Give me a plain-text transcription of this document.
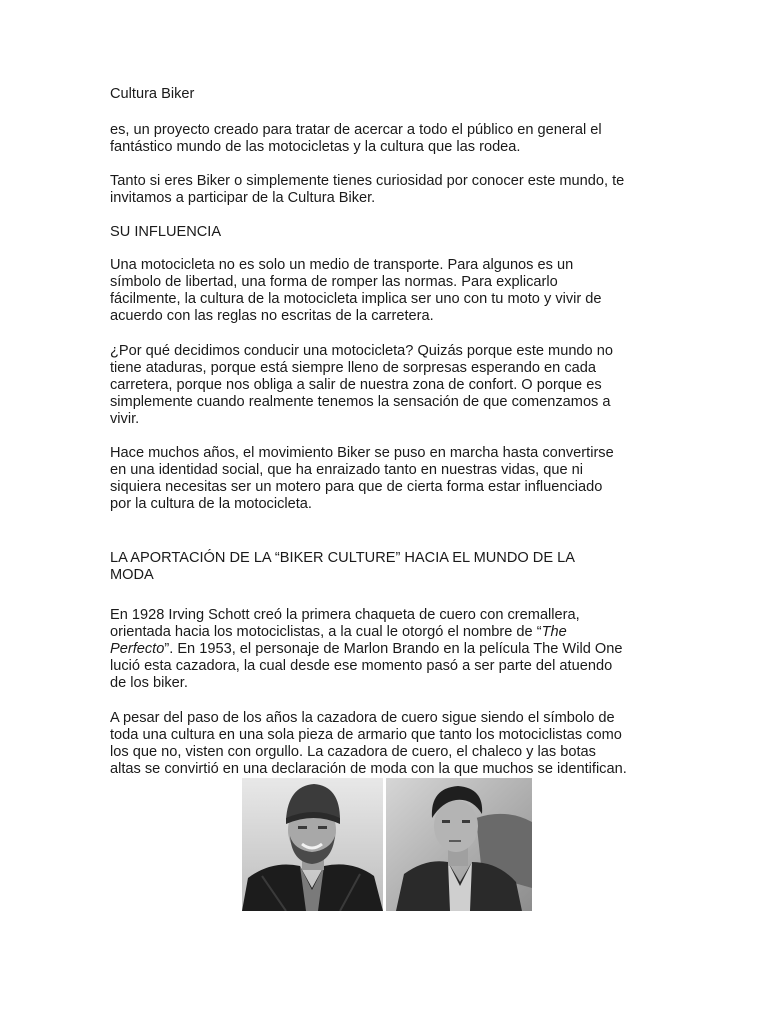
Cultura Biker
es, un proyecto creado para tratar de acercar a todo el público en general el
fantástico mundo de las motocicletas y la cultura que las rodea.
Tanto si eres Biker o simplemente tienes curiosidad por conocer este mundo, te
invitamos a participar de la Cultura Biker.
SU INFLUENCIA
Una motocicleta no es solo un medio de transporte. Para algunos es un
símbolo de libertad, una forma de romper las normas. Para explicarlo
fácilmente, la cultura de la motocicleta implica ser uno con tu moto y vivir de
acuerdo con las reglas no escritas de la carretera.
¿Por qué decidimos conducir una motocicleta? Quizás porque este mundo no
tiene ataduras, porque está siempre lleno de sorpresas esperando en cada
carretera, porque nos obliga a salir de nuestra zona de confort. O porque es
simplemente cuando realmente tenemos la sensación de que comenzamos a
vivir.
Hace muchos años, el movimiento Biker se puso en marcha hasta convertirse
en una identidad social, que ha enraizado tanto en nuestras vidas, que ni
siquiera necesitas ser un motero para que de cierta forma estar influenciado
por la cultura de la motocicleta.
LA APORTACIÓN DE LA “BIKER CULTURE” HACIA EL MUNDO DE LA
MODA
En 1928 Irving Schott creó la primera chaqueta de cuero con cremallera,
orientada hacia los motociclistas, a la cual le otorgó el nombre de “The
Perfecto”. En 1953, el personaje de Marlon Brando en la película The Wild One
lució esta cazadora, la cual desde ese momento pasó a ser parte del atuendo
de los biker.
A pesar del paso de los años la cazadora de cuero sigue siendo el símbolo de
toda una cultura en una sola pieza de armario que tanto los motociclistas como
los que no, visten con orgullo. La cazadora de cuero, el chaleco y las botas
altas se convirtió en una declaración de moda con la que muchos se identifican.
